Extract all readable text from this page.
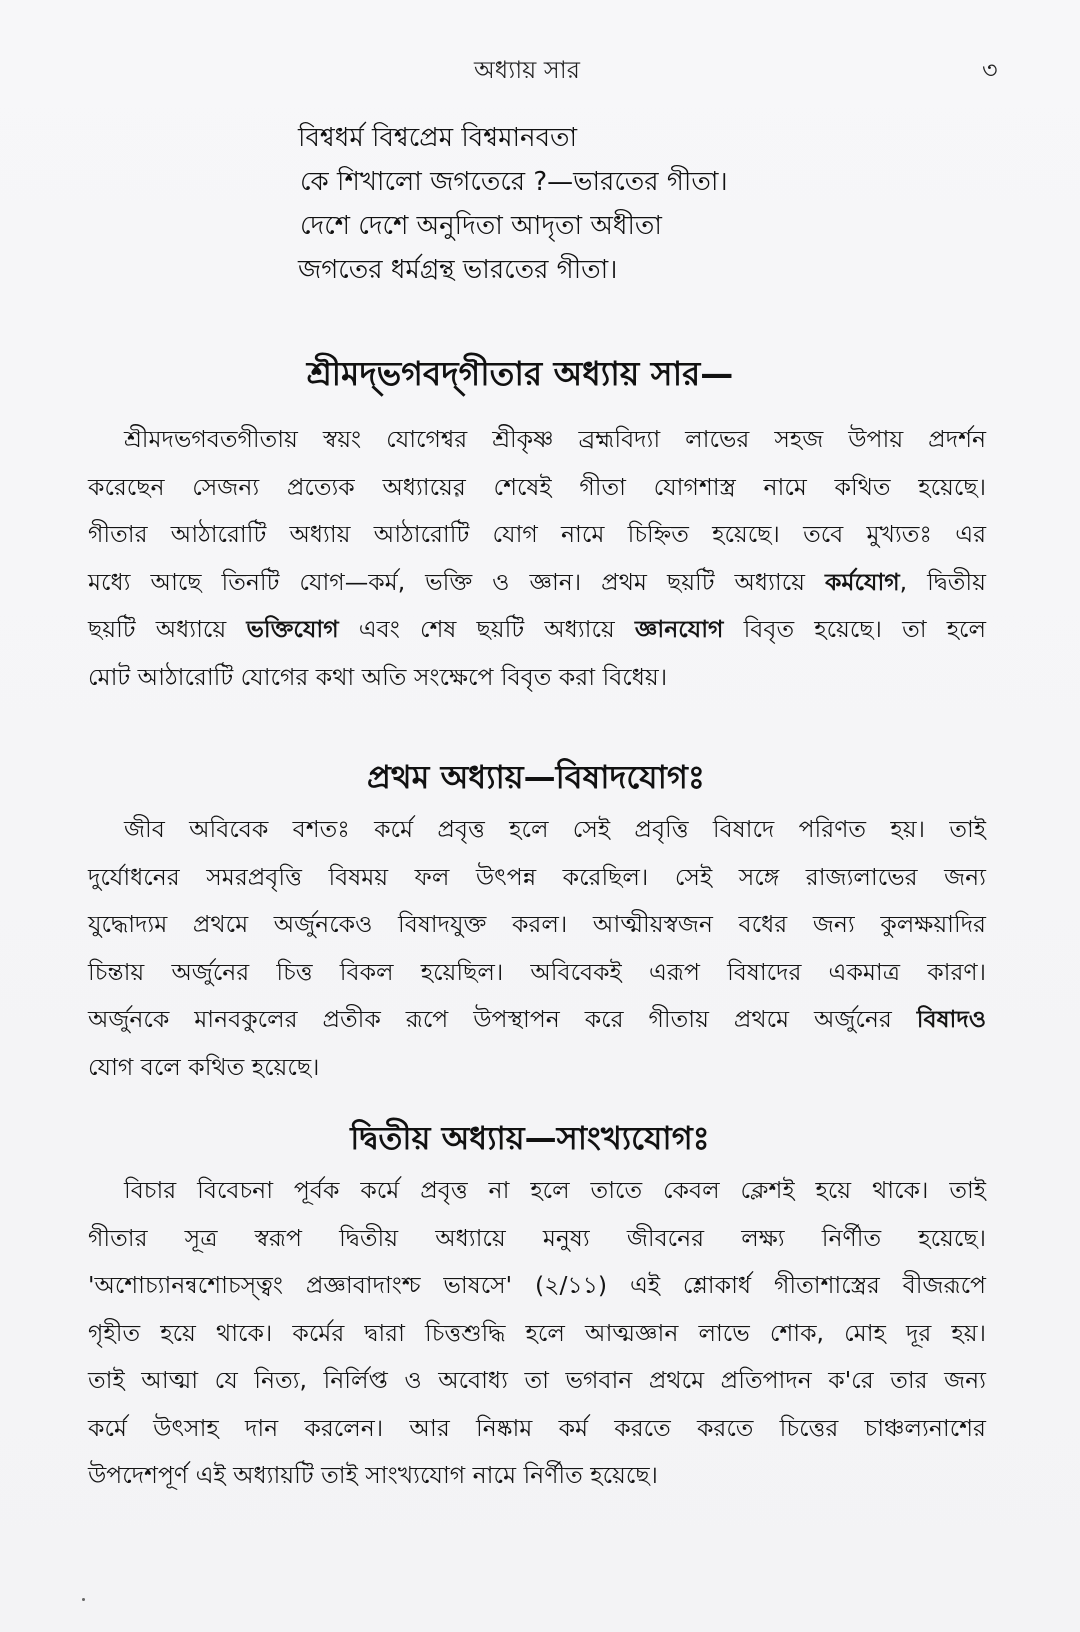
অধ্যায় সার	৩
বিশ্বধর্ম বিশ্বপ্রেম বিশ্বমানবতা
কে শিখালো জগতেরে ?—ভারতের গীতা।
দেশে দেশে অনুদিতা আদৃতা অধীতা
জগতের ধর্মগ্রন্থ ভারতের গীতা।
শ্রীমদ্‌ভগবদ্‌গীতার অধ্যায় সার—
শ্রীমদভগবতগীতায় স্বয়ং যোগেশ্বর শ্রীকৃষ্ণ ব্রহ্মবিদ্যা লাভের সহজ উপায় প্রদর্শন
করেছেন সেজন্য প্রত্যেক অধ্যায়ের শেষেই গীতা যোগশাস্ত্র নামে কথিত হয়েছে।
গীতার আঠারোটি অধ্যায় আঠারোটি যোগ নামে চিহ্নিত হয়েছে। তবে মুখ্যতঃ এর
মধ্যে আছে তিনটি যোগ—কর্ম, ভক্তি ও জ্ঞান। প্রথম ছয়টি অধ্যায়ে কর্মযোগ, দ্বিতীয়
ছয়টি অধ্যায়ে ভক্তিযোগ এবং শেষ ছয়টি অধ্যায়ে জ্ঞানযোগ বিবৃত হয়েছে। তা হলে
মোট আঠারোটি যোগের কথা অতি সংক্ষেপে বিবৃত করা বিধেয়।
প্রথম অধ্যায়—বিষাদযোগঃ
জীব অবিবেক বশতঃ কর্মে প্রবৃত্ত হলে সেই প্রবৃত্তি বিষাদে পরিণত হয়। তাই
দুর্যোধনের সমরপ্রবৃত্তি বিষময় ফল উৎপন্ন করেছিল। সেই সঙ্গে রাজ্যলাভের জন্য
যুদ্ধোদ্যম প্রথমে অর্জুনকেও বিষাদযুক্ত করল। আত্মীয়স্বজন বধের জন্য কুলক্ষয়াদির
চিন্তায় অর্জুনের চিত্ত বিকল হয়েছিল। অবিবেকই এরূপ বিষাদের একমাত্র কারণ।
অর্জুনকে মানবকুলের প্রতীক রূপে উপস্থাপন করে গীতায় প্রথমে অর্জুনের বিষাদও
যোগ বলে কথিত হয়েছে।
দ্বিতীয় অধ্যায়—সাংখ্যযোগঃ
বিচার বিবেচনা পূর্বক কর্মে প্রবৃত্ত না হলে তাতে কেবল ক্লেশই হয়ে থাকে। তাই
গীতার সূত্র স্বরূপ দ্বিতীয় অধ্যায়ে মনুষ্য জীবনের লক্ষ্য নির্ণীত হয়েছে।
'অশোচ্যানন্বশোচস্ত্বং প্রজ্ঞাবাদাংশ্চ ভাষসে' (২/১১) এই শ্লোকার্ধ গীতাশাস্ত্রের বীজরূপে
গৃহীত হয়ে থাকে। কর্মের দ্বারা চিত্তশুদ্ধি হলে আত্মজ্ঞান লাভে শোক, মোহ দূর হয়।
তাই আত্মা যে নিত্য, নির্লিপ্ত ও অবোধ্য তা ভগবান প্রথমে প্রতিপাদন ক'রে তার জন্য
কর্মে উৎসাহ দান করলেন। আর নিষ্কাম কর্ম করতে করতে চিত্তের চাঞ্চল্যনাশের
উপদেশপূর্ণ এই অধ্যায়টি তাই সাংখ্যযোগ নামে নির্ণীত হয়েছে।
